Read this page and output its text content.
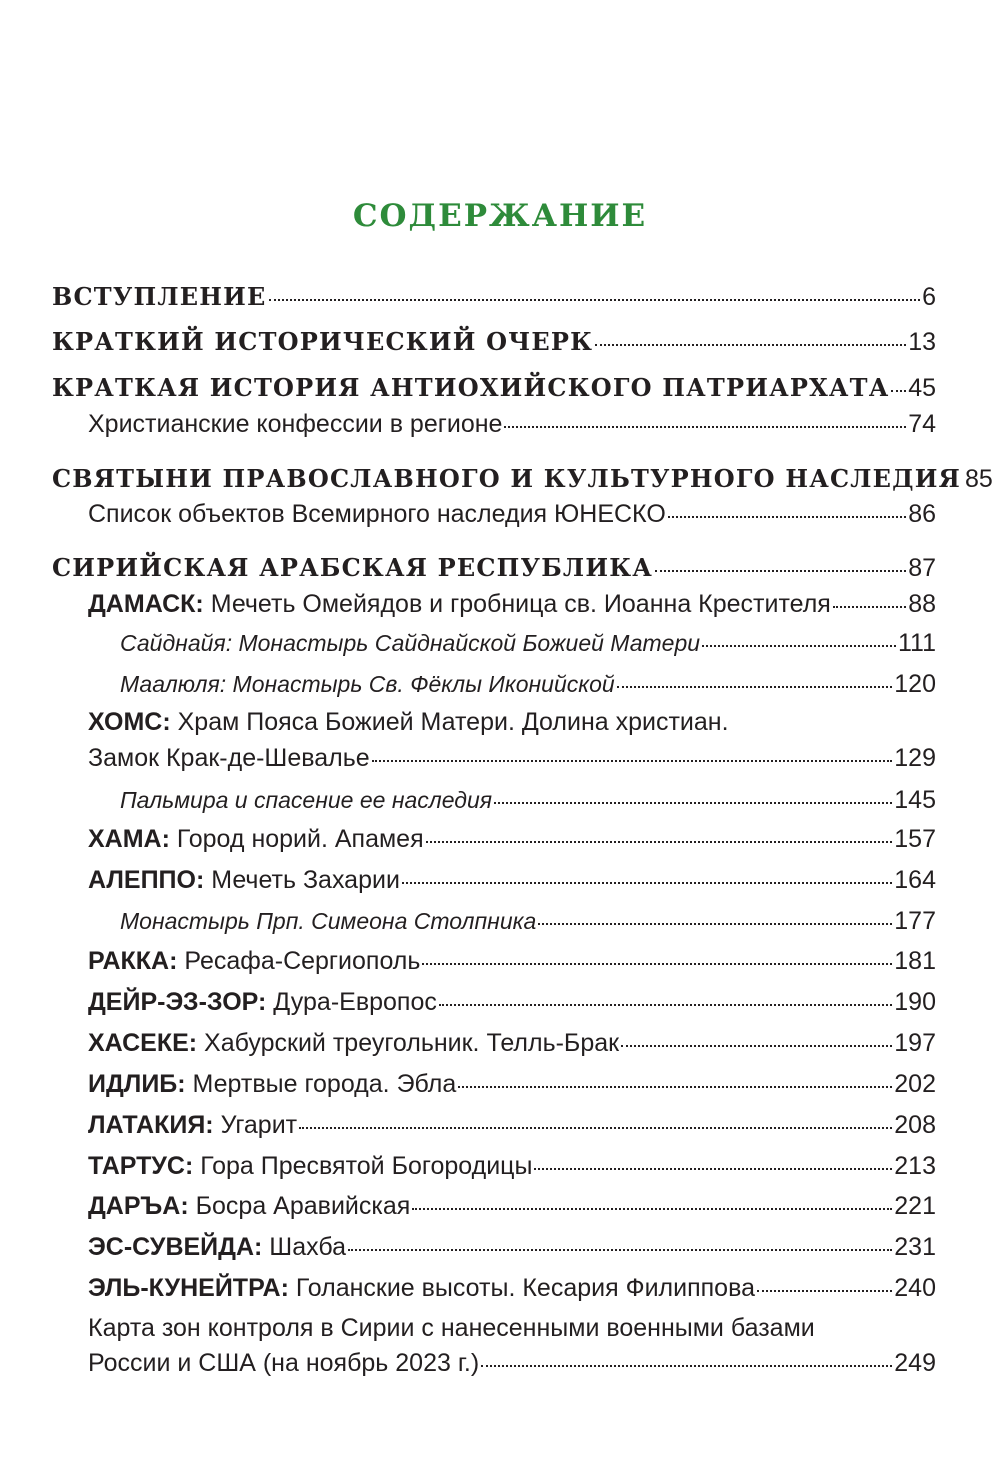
СОДЕРЖАНИЕ
ВСТУПЛЕНИЕ	6
КРАТКИЙ ИСТОРИЧЕСКИЙ ОЧЕРК	13
КРАТКАЯ ИСТОРИЯ АНТИОХИЙСКОГО ПАТРИАРХАТА 45
Христианские конфессии в регионе	74
СВЯТЫНИ ПРАВОСЛАВНОГО И КУЛЬТУРНОГО НАСЛЕДИЯ 85
Список объектов Всемирного наследия ЮНЕСКО	86
СИРИЙСКАЯ АРАБСКАЯ РЕСПУБЛИКА	87
ДАМАСК: Мечеть Омейядов и гробница св. Иоанна Крестителя	88
Сайднайя: Монастырь Сайднайской Божией Матери	111
Маалюля: Монастырь Св. Фёклы Иконийской	120
ХОМС: Храм Пояса Божией Матери. Долина христиан.
Замок Крак-де-Шевалье	129
Пальмира и спасение ее наследия	145
ХАМА: Город норий. Апамея	157
АЛЕППО: Мечеть Захарии	164
Монастырь Прп. Симеона Столпника	177
РАККА: Ресафа-Сергиополь	181
ДЕЙР-ЭЗ-ЗОР: Дура-Европос	190
ХАСЕКЕ: Хабурский треугольник. Телль-Брак	197
ИДЛИБ: Мертвые города. Эбла	202
ЛАТАКИЯ: Угарит	208
ТАРТУС: Гора Пресвятой Богородицы	213
ДАРЪА: Босра Аравийская	221
ЭС-СУВЕЙДА: Шахба	231
ЭЛЬ-КУНЕЙТРА: Голанские высоты. Кесария Филиппова	240
Карта зон контроля в Сирии с нанесенными военными базами
России и США (на ноябрь 2023 г.)	249
